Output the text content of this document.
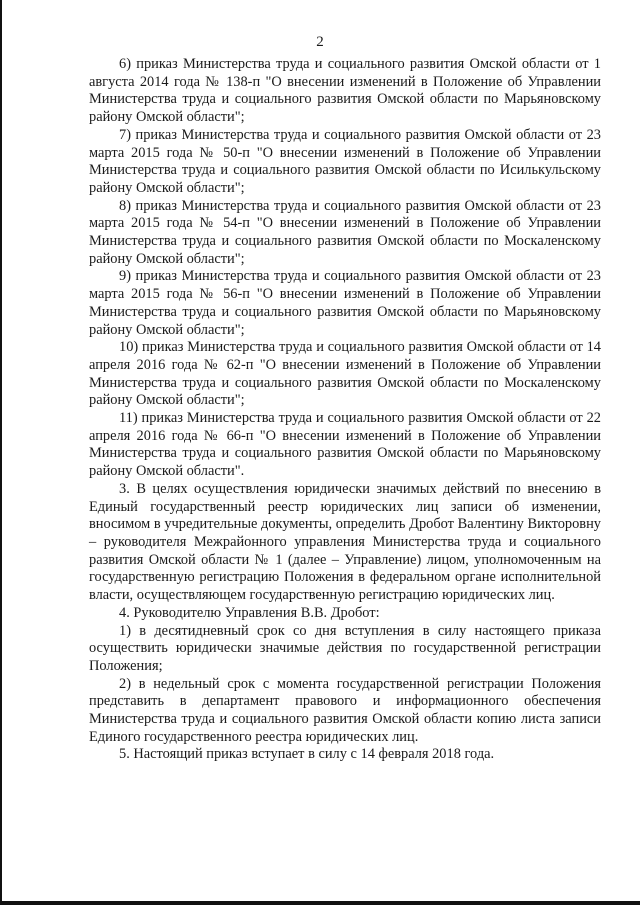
2

6) приказ Министерства труда и социального развития Омской области от 1 августа 2014 года № 138-п "О внесении изменений в Положение об Управлении Министерства труда и социального развития Омской области по Марьяновскому району Омской области";

7) приказ Министерства труда и социального развития Омской области от 23 марта 2015 года № 50-п "О внесении изменений в Положение об Управлении Министерства труда и социального развития Омской области по Исилькульскому району Омской области";

8) приказ Министерства труда и социального развития Омской области от 23 марта 2015 года № 54-п "О внесении изменений в Положение об Управлении Министерства труда и социального развития Омской области по Москаленскому району Омской области";

9) приказ Министерства труда и социального развития Омской области от 23 марта 2015 года № 56-п "О внесении изменений в Положение об Управлении Министерства труда и социального развития Омской области по Марьяновскому району Омской области";

10) приказ Министерства труда и социального развития Омской области от 14 апреля 2016 года № 62-п "О внесении изменений в Положение об Управлении Министерства труда и социального развития Омской области по Москаленскому району Омской области";

11) приказ Министерства труда и социального развития Омской области от 22 апреля 2016 года № 66-п "О внесении изменений в Положение об Управлении Министерства труда и социального развития Омской области по Марьяновскому району Омской области".

3. В целях осуществления юридически значимых действий по внесению в Единый государственный реестр юридических лиц записи об изменении, вносимом в учредительные документы, определить Дробот Валентину Викторовну – руководителя Межрайонного управления Министерства труда и социального развития Омской области № 1 (далее – Управление) лицом, уполномоченным на государственную регистрацию Положения в федеральном органе исполнительной власти, осуществляющем государственную регистрацию юридических лиц.

4. Руководителю Управления В.В. Дробот:

1) в десятидневный срок со дня вступления в силу настоящего приказа осуществить юридически значимые действия по государственной регистрации Положения;

2) в недельный срок с момента государственной регистрации Положения представить в департамент правового и информационного обеспечения Министерства труда и социального развития Омской области копию листа записи Единого государственного реестра юридических лиц.

5. Настоящий приказ вступает в силу с 14 февраля 2018 года.
